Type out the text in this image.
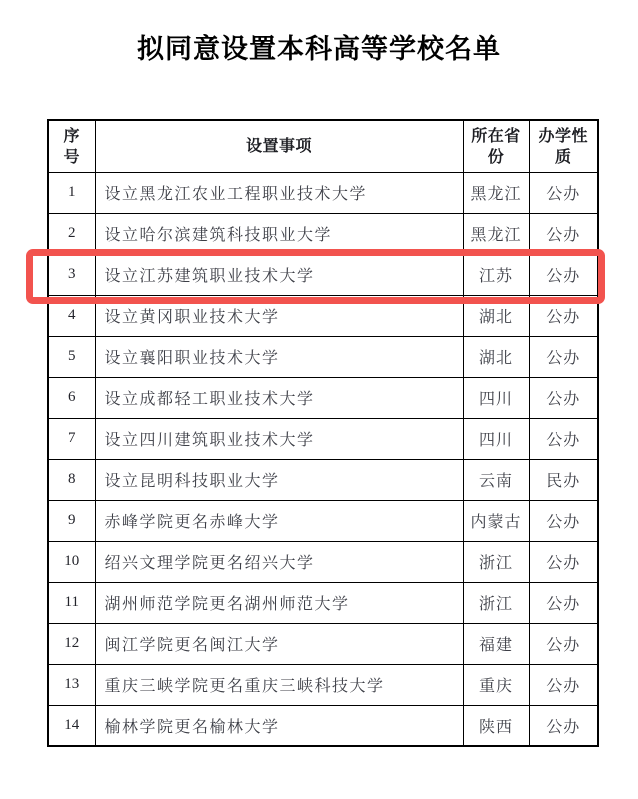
拟同意设置本科高等学校名单
序号	设置事项	所在省份	办学性质
1	设立黑龙江农业工程职业技术大学	黑龙江	公办
2	设立哈尔滨建筑科技职业大学	黑龙江	公办
3	设立江苏建筑职业技术大学	江苏	公办
4	设立黄冈职业技术大学	湖北	公办
5	设立襄阳职业技术大学	湖北	公办
6	设立成都轻工职业技术大学	四川	公办
7	设立四川建筑职业技术大学	四川	公办
8	设立昆明科技职业大学	云南	民办
9	赤峰学院更名赤峰大学	内蒙古	公办
10	绍兴文理学院更名绍兴大学	浙江	公办
11	湖州师范学院更名湖州师范大学	浙江	公办
12	闽江学院更名闽江大学	福建	公办
13	重庆三峡学院更名重庆三峡科技大学	重庆	公办
14	榆林学院更名榆林大学	陕西	公办
